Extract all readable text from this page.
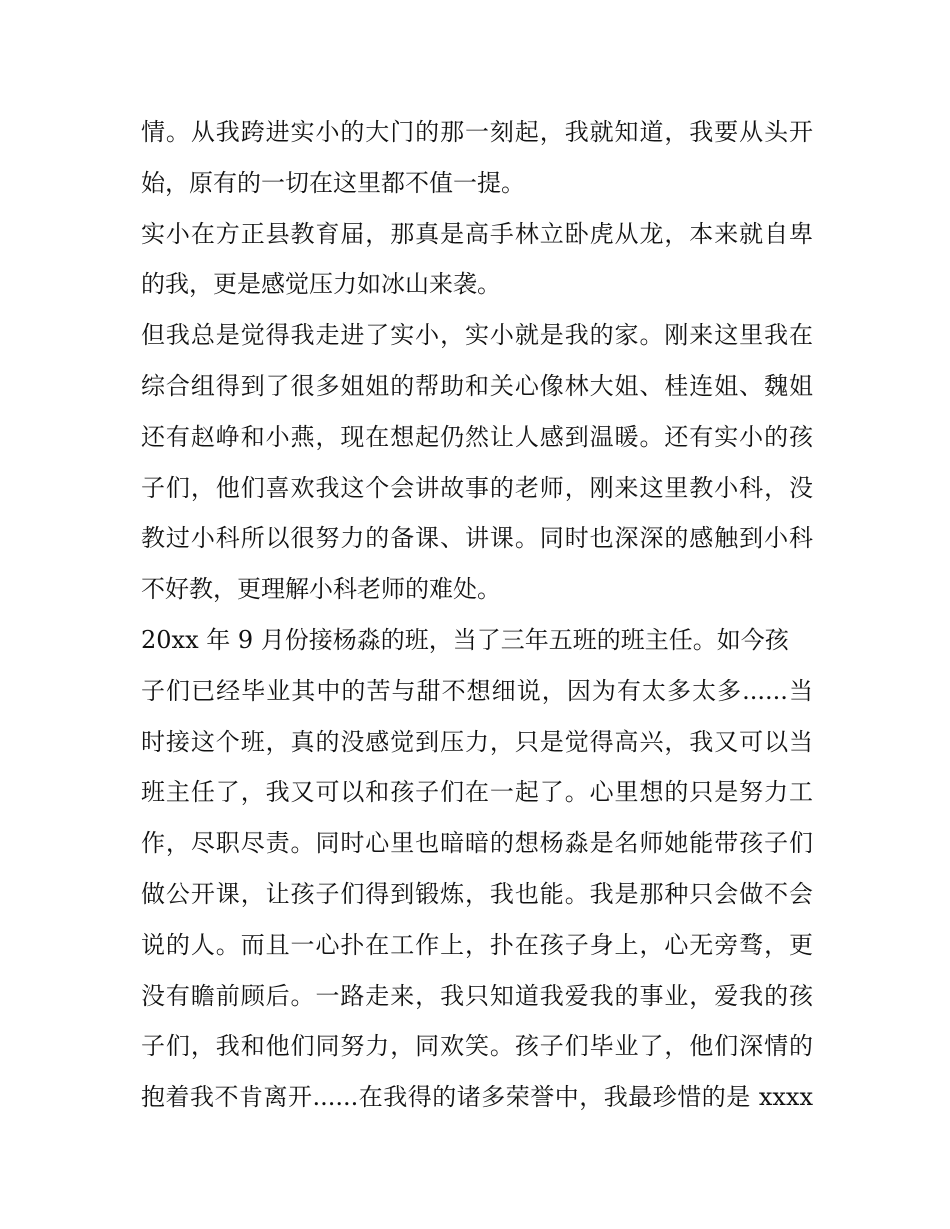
情。从我跨进实小的大门的那一刻起，我就知道，我要从头开
始，原有的一切在这里都不值一提。
实小在方正县教育届，那真是高手林立卧虎从龙，本来就自卑
的我，更是感觉压力如冰山来袭。
但我总是觉得我走进了实小，实小就是我的家。刚来这里我在
综合组得到了很多姐姐的帮助和关心像林大姐、桂连姐、魏姐
还有赵峥和小燕，现在想起仍然让人感到温暖。还有实小的孩
子们，他们喜欢我这个会讲故事的老师，刚来这里教小科，没
教过小科所以很努力的备课、讲课。同时也深深的感触到小科
不好教，更理解小科老师的难处。
20xx 年 9 月份接杨淼的班，当了三年五班的班主任。如今孩
子们已经毕业其中的苦与甜不想细说，因为有太多太多......当
时接这个班，真的没感觉到压力，只是觉得高兴，我又可以当
班主任了，我又可以和孩子们在一起了。心里想的只是努力工
作，尽职尽责。同时心里也暗暗的想杨淼是名师她能带孩子们
做公开课，让孩子们得到锻炼，我也能。我是那种只会做不会
说的人。而且一心扑在工作上，扑在孩子身上，心无旁骛，更
没有瞻前顾后。一路走来，我只知道我爱我的事业，爱我的孩
子们，我和他们同努力，同欢笑。孩子们毕业了，他们深情的
抱着我不肯离开......在我得的诸多荣誉中，我最珍惜的是 xxxx
